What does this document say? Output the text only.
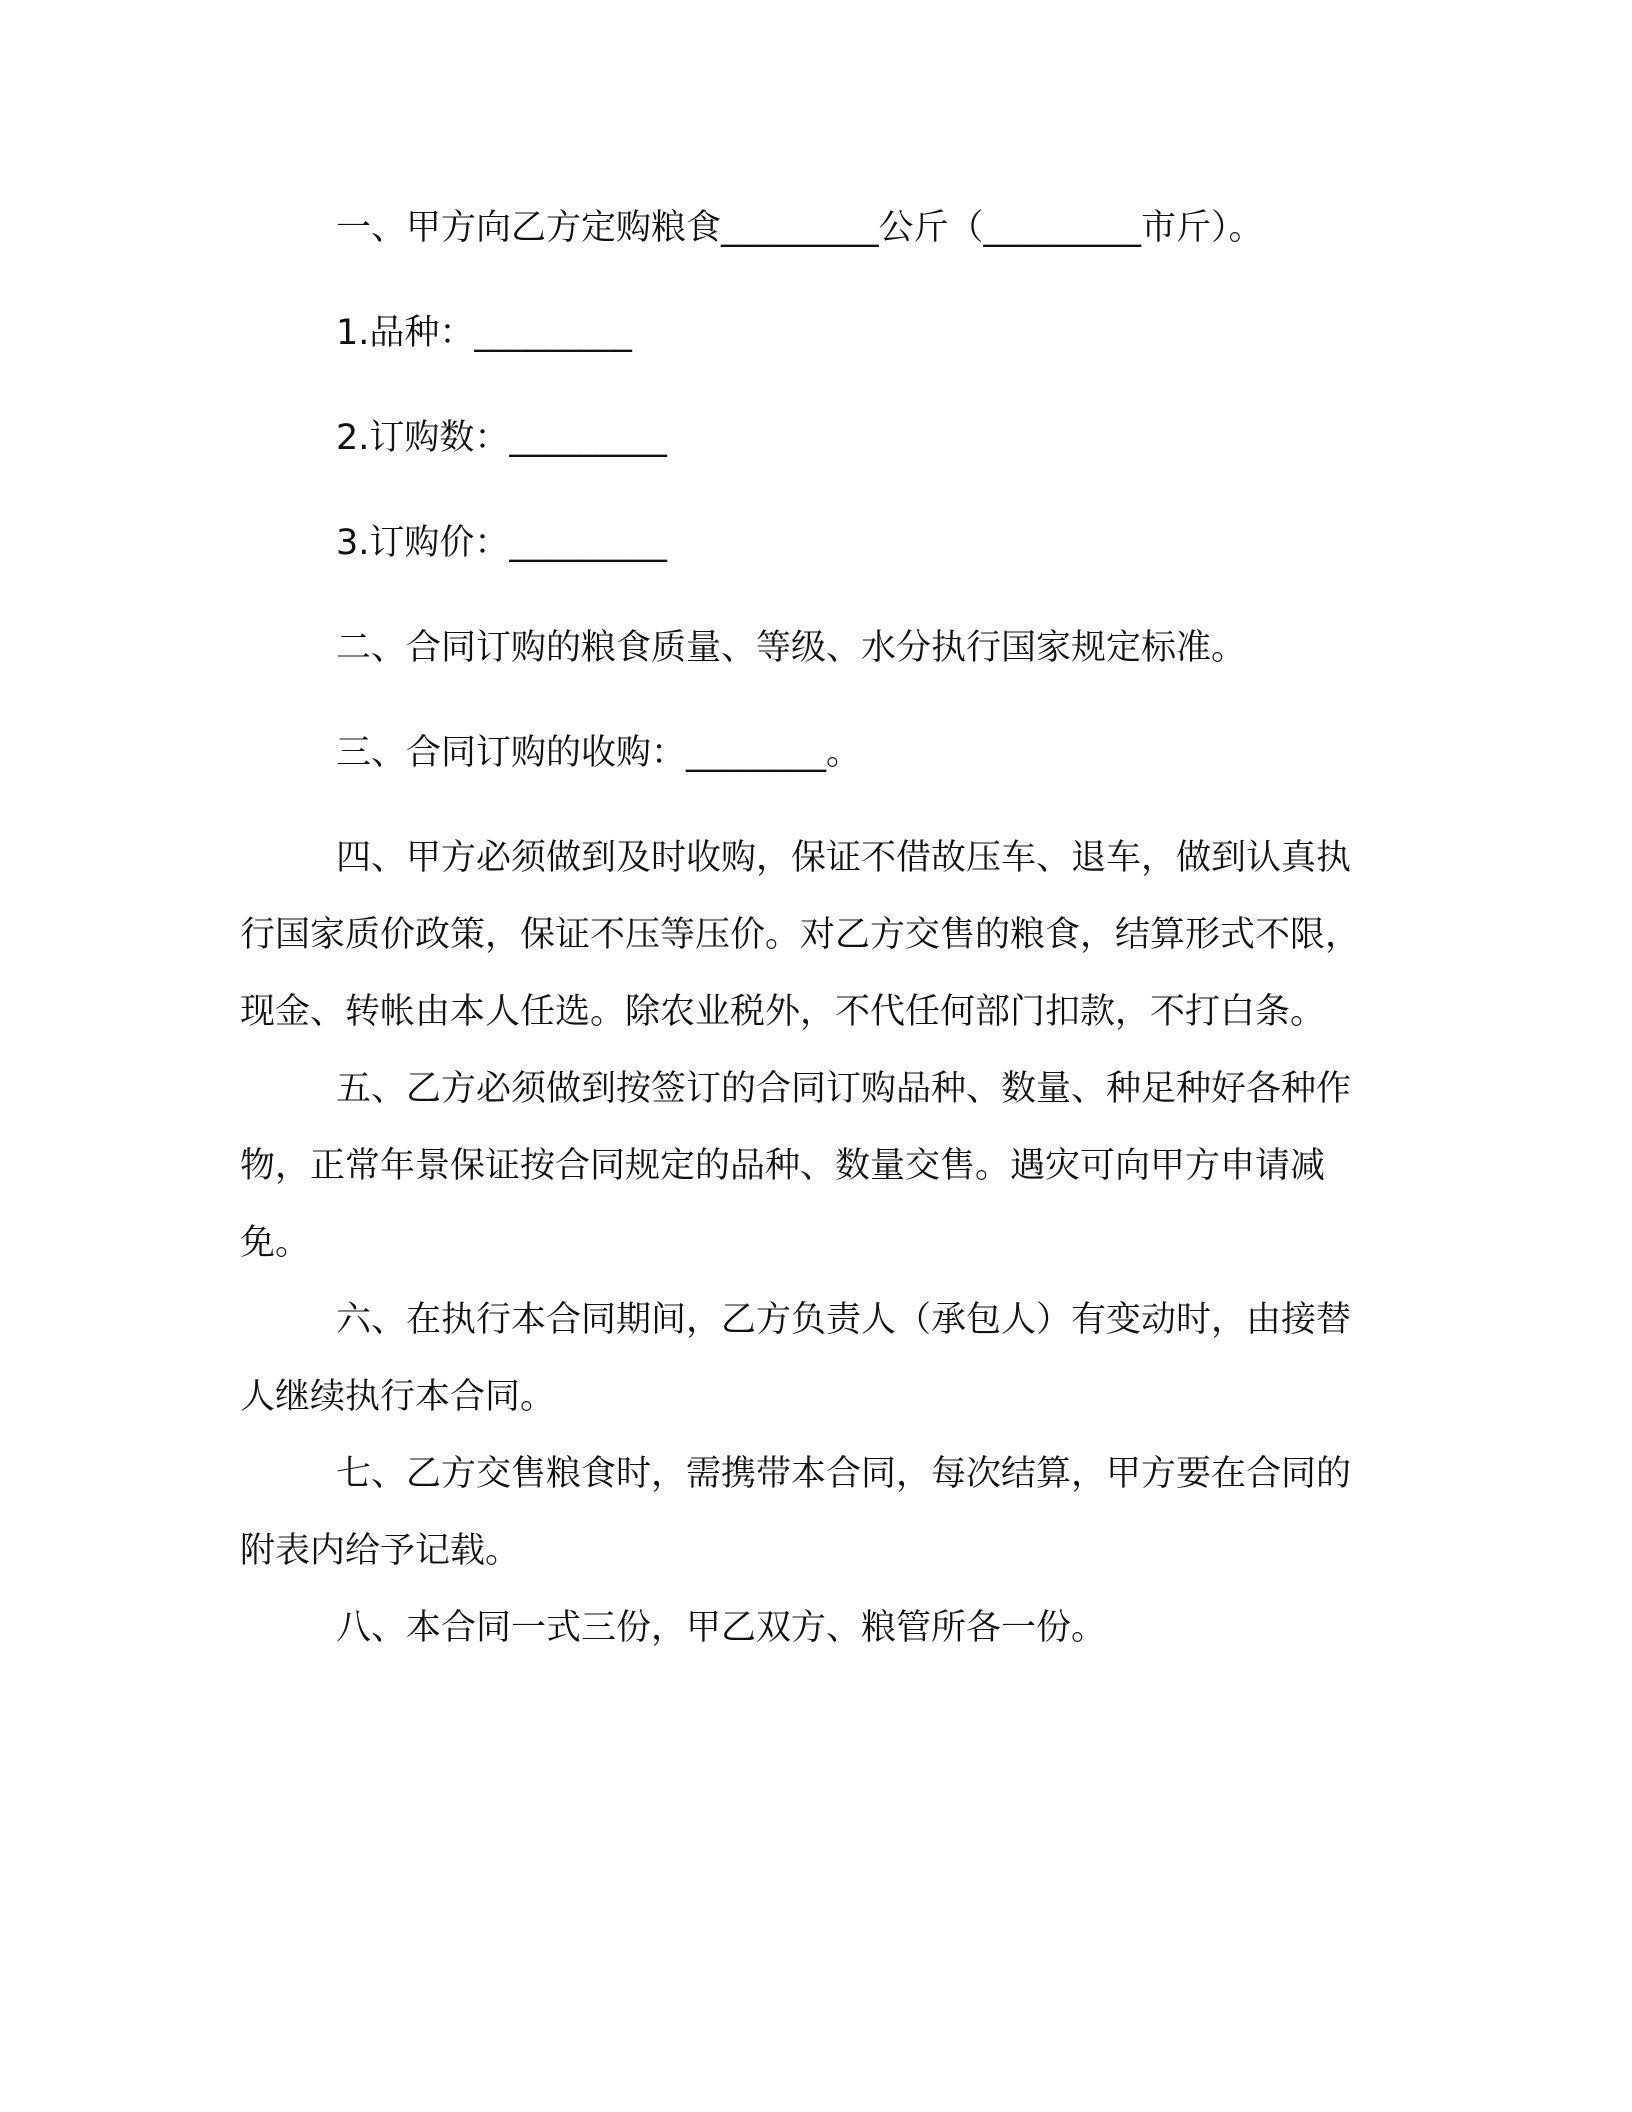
一、甲方向乙方定购粮食_________公斤（_________市斤）。

1.品种：_________

2.订购数：_________

3.订购价：_________

二、合同订购的粮食质量、等级、水分执行国家规定标准。

三、合同订购的收购：________。

四、甲方必须做到及时收购，保证不借故压车、退车，做到认真执行国家质价政策，保证不压等压价。对乙方交售的粮食，结算形式不限，现金、转帐由本人任选。除农业税外，不代任何部门扣款，不打白条。

五、乙方必须做到按签订的合同订购品种、数量、种足种好各种作物，正常年景保证按合同规定的品种、数量交售。遇灾可向甲方申请减免。

六、在执行本合同期间，乙方负责人（承包人）有变动时，由接替人继续执行本合同。

七、乙方交售粮食时，需携带本合同，每次结算，甲方要在合同的附表内给予记载。

八、本合同一式三份，甲乙双方、粮管所各一份。
